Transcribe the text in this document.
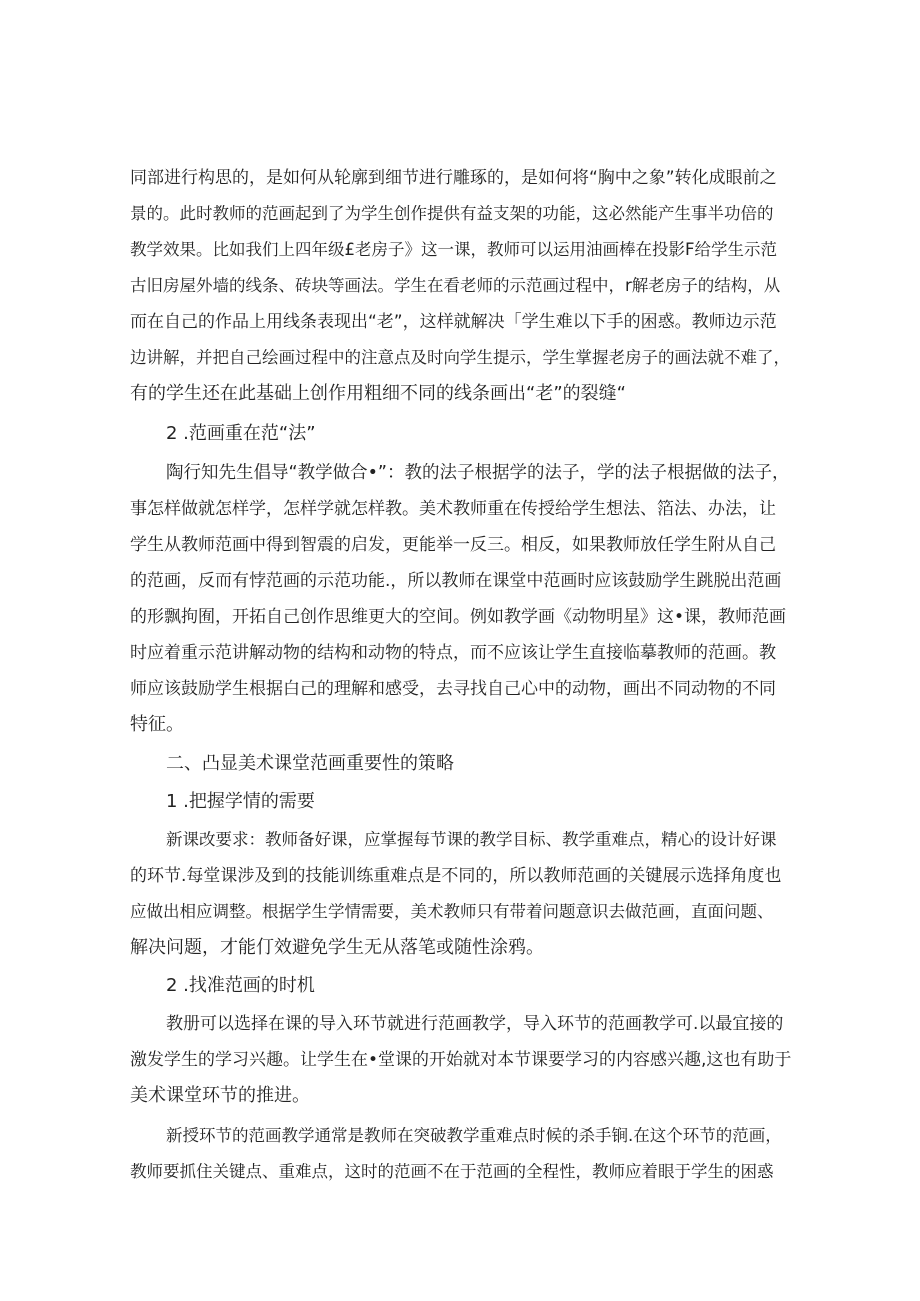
同部进行构思的，是如何从轮廓到细节进行雕琢的，是如何将“胸中之象”转化成眼前之
景的。此时教师的范画起到了为学生创作提供有益支架的功能，这必然能产生事半功倍的
教学效果。比如我们上四年级£老房子》这一课，教师可以运用油画棒在投影F给学生示范
古旧房屋外墙的线条、砖块等画法。学生在看老师的示范画过程中，r解老房子的结构，从
而在自己的作品上用线条表现出“老”，这样就解决「学生难以下手的困惑。教师边示范
边讲解，并把自己绘画过程中的注意点及时向学生提示，学生掌握老房子的画法就不难了，
有的学生还在此基础上创作用粗细不同的线条画出“老”的裂缝“
2 .范画重在范“法”
陶行知先生倡导“教学做合•”：教的法子根据学的法子，学的法子根据做的法子，
事怎样做就怎样学，怎样学就怎样教。美术教师重在传授给学生想法、箔法、办法，让
学生从教师范画中得到智震的启发，更能举一反三。相反，如果教师放任学生附从自己
的范画，反而有悖范画的示范功能.，所以教师在课堂中范画时应该鼓励学生跳脱出范画
的形飘拘囿，开拓自己创作思维更大的空间。例如教学画《动物明星》这•课，教师范画
时应着重示范讲解动物的结构和动物的特点，而不应该让学生直接临摹教师的范画。教
师应该鼓励学生根据白己的理解和感受，去寻找自己心中的动物，画出不同动物的不同
特征。
二、凸显美术课堂范画重要性的策略
1 .把握学情的需要
新课改要求：教师备好课，应掌握每节课的教学目标、教学重难点，精心的设计好课
的环节.每堂课涉及到的技能训练重难点是不同的，所以教师范画的关键展示选择角度也
应做出相应调整。根据学生学情需要，美术教师只有带着问题意识去做范画，直面问题、
解决问题，才能仃效避免学生无从落笔或随性涂鸦。
2 .找准范画的时机
教册可以选择在课的导入环节就进行范画教学，导入环节的范画教学可.以最宜接的
激发学生的学习兴趣。让学生在•堂课的开始就对本节课要学习的内容感兴趣,这也有助于
美术课堂环节的推进。
新授环节的范画教学通常是教师在突破教学重难点时候的杀手锏.在这个环节的范画，
教师要抓住关键点、重难点，这时的范画不在于范画的全程性，教师应着眼于学生的困惑
